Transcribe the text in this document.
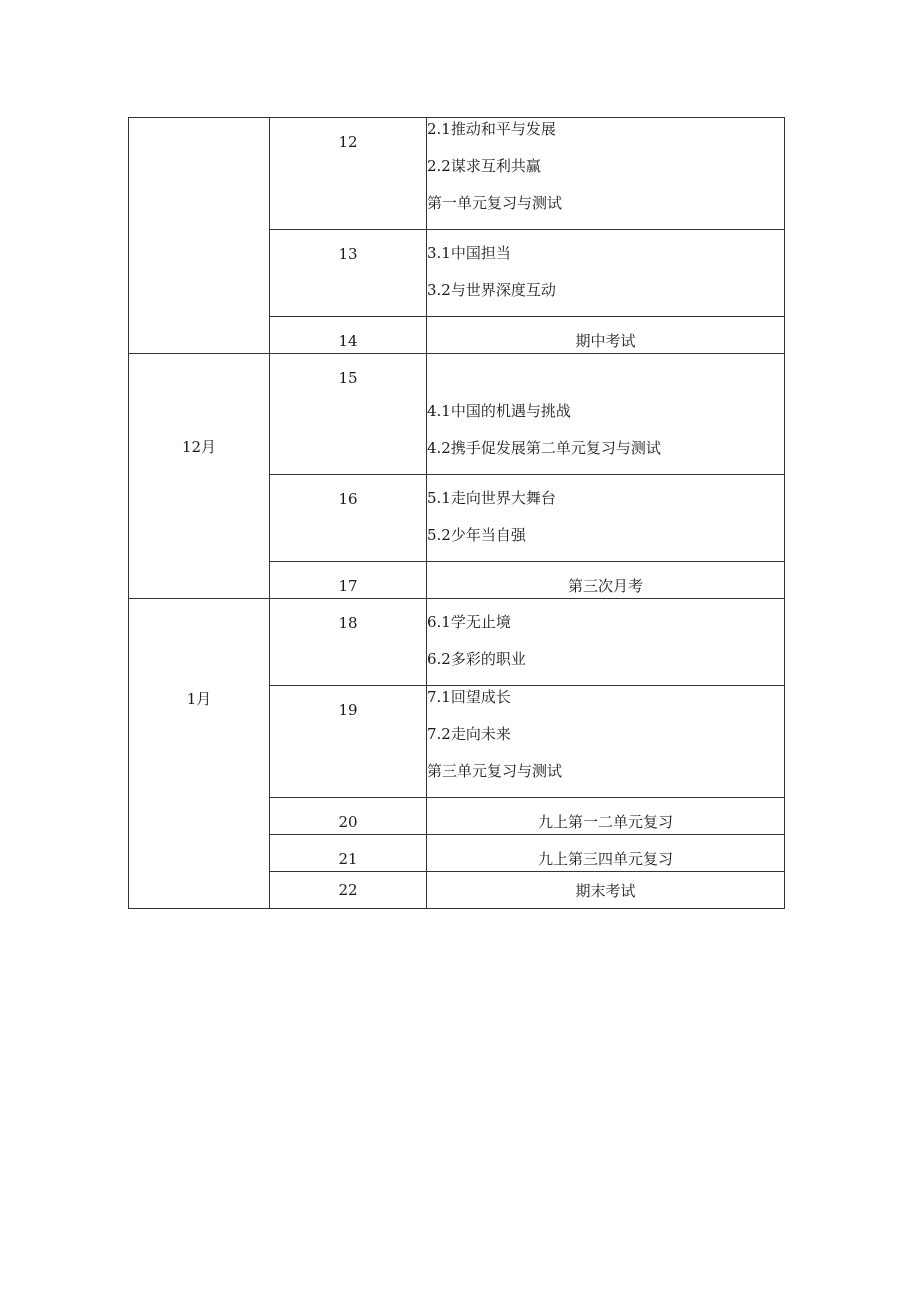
	12	2.1推动和平与发展
2.2谋求互利共赢
第一单元复习与测试

	13	3.1中国担当
3.2与世界深度互动

	14	期中考试
12月	15	4.1中国的机遇与挑战
4.2携手促发展第二单元复习与测试

	16	5.1走向世界大舞台
5.2少年当自强

	17	第三次月考
1月	18	6.1学无止境
6.2多彩的职业

	19	7.1回望成长
7.2走向未来
第三单元复习与测试

	20	九上第一二单元复习
	21	九上第三四单元复习
	22	期末考试
